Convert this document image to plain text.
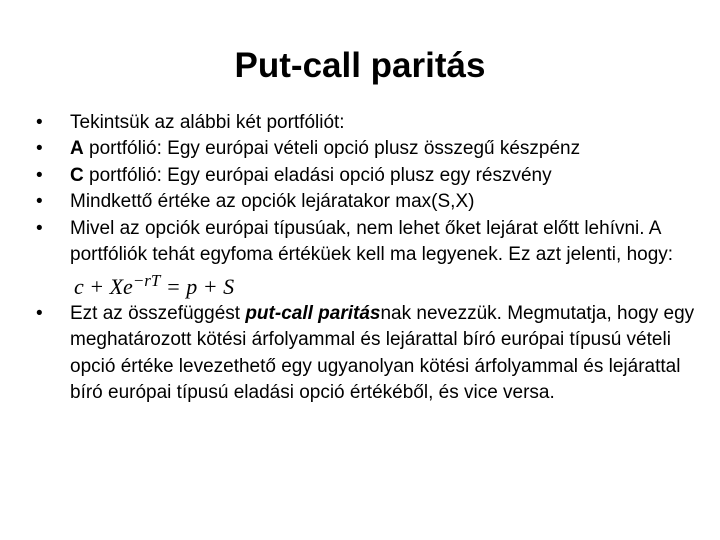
Put-call paritás
•	Tekintsük az alábbi két portfóliót:
•	A portfólió: Egy európai vételi opció plusz összegű készpénz
•	C portfólió: Egy európai eladási opció plusz egy részvény
•	Mindkettő értéke az opciók lejáratakor max(S,X)
•	Mivel az opciók európai típusúak, nem lehet őket lejárat előtt lehívni. A portfóliók tehát egyfoma értéküek kell ma legyenek. Ez azt jelenti, hogy:c + $Xe^{-rT} = p + S$
•	Ezt az összefüggést put-call paritásnak nevezzük. Megmutatja, hogy egy meghatározott kötési árfolyammal és lejárattal bíró európai típusú vételi opció értéke levezethető egy ugyanolyan kötési árfolyammal és lejárattal bíró európai típusú eladási opció értékéből, és vice versa.
